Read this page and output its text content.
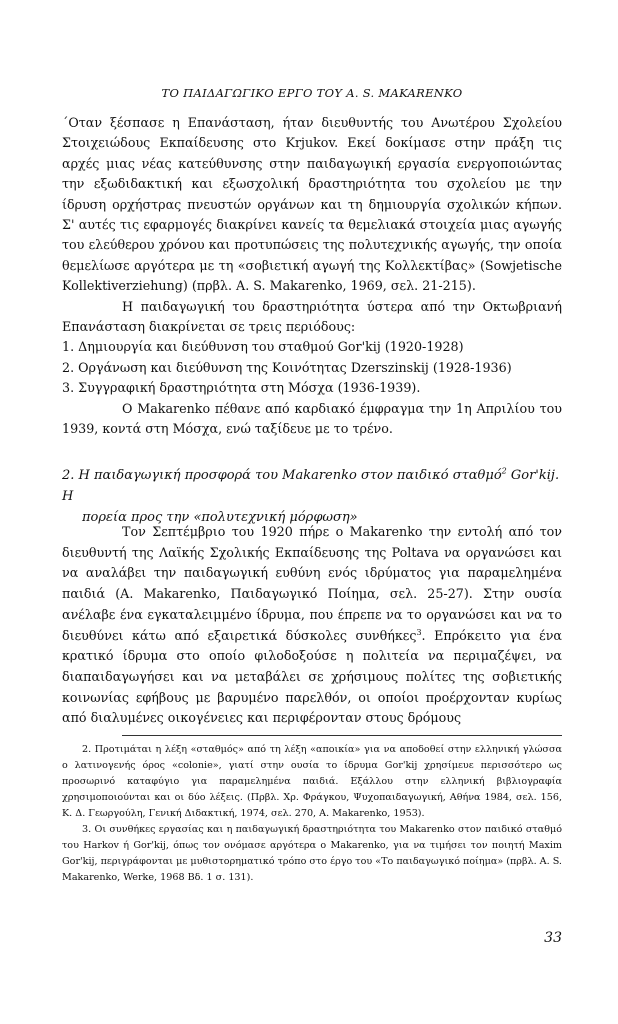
ΤΟ ΠΑΙΔΑΓΩΓΙΚΟ ΕΡΓΟ ΤΟΥ Α. S. MAKARENKO

΄Οταν ξέσπασε η Επανάσταση, ήταν διευθυντής του Ανωτέρου Σχολείου Στοιχειώδους Εκπαίδευσης στο Krjukov. Εκεί δοκίμασε στην πράξη τις αρχές μιας νέας κατεύθυνσης στην παιδαγωγική εργασία ενεργοποιώντας την εξωδιδακτική και εξωσχολική δραστηριότητα του σχολείου με την ίδρυση ορχήστρας πνευστών οργάνων και τη δημιουργία σχολικών κήπων. Σ' αυτές τις εφαρμογές διακρίνει κανείς τα θεμελιακά στοιχεία μιας αγωγής του ελεύθερου χρόνου και προτυπώσεις της πολυτεχνικής αγωγής, την οποία θεμελίωσε αργότερα με τη «σοβιετική αγωγή της Κολλεκτίβας» (Sowjetische Kollektiverziehung) (πρβλ. A. S. Makarenko, 1969, σελ. 21-215).

Η παιδαγωγική του δραστηριότητα ύστερα από την Οκτωβριανή Επανάσταση διακρίνεται σε τρεις περιόδους:

1. Δημιουργία και διεύθυνση του σταθμού Gor'kij (1920-1928)
2. Οργάνωση και διεύθυνση της Κοινότητας Dzerszinskij (1928-1936)
3. Συγγραφική δραστηριότητα στη Μόσχα (1936-1939).

Ο Makarenko πέθανε από καρδιακό έμφραγμα την 1η Απριλίου του 1939, κοντά στη Μόσχα, ενώ ταξίδευε με το τρένο.

2. Η παιδαγωγική προσφορά του Makarenko στον παιδικό σταθμό$^2$ Gor'kij. Η
πορεία προς την «πολυτεχνική μόρφωση»

Τον Σεπτέμβριο του 1920 πήρε ο Makarenko την εντολή από τον διευθυντή της Λαϊκής Σχολικής Εκπαίδευσης της Poltava να οργανώσει και να αναλάβει την παιδαγωγική ευθύνη ενός ιδρύματος για παραμελημένα παιδιά (A. Makarenko, Παιδαγωγικό Ποίημα, σελ. 25-27). Στην ουσία ανέλαβε ένα εγκαταλειμμένο ίδρυμα, που έπρεπε να το οργανώσει και να το διευθύνει κάτω από εξαιρετικά δύσκολες συνθήκες$^3$. Επρόκειτο για ένα κρατικό ίδρυμα στο οποίο φιλοδοξούσε η πολιτεία να περιμαζέψει, να διαπαιδαγωγήσει και να μεταβάλει σε χρήσιμους πολίτες της σοβιετικής κοινωνίας εφήβους με βαρυμένο παρελθόν, οι οποίοι προέρχονταν κυρίως από διαλυμένες οικογένειες και περιφέρονταν στους δρόμους

2. Προτιμάται η λέξη «σταθμός» από τη λέξη «αποικία» για να αποδοθεί στην ελληνική γλώσσα ο λατινογενής όρος «colonie», γιατί στην ουσία το ίδρυμα Gor'kij χρησίμευε περισσότερο ως προσωρινό καταφύγιο για παραμελημένα παιδιά. Εξάλλου στην ελληνική βιβλιογραφία χρησιμοποιούνται και οι δύο λέξεις. (Πρβλ. Χρ. Φράγκου, Ψυχοπαιδαγωγική, Αθήνα 1984, σελ. 156, Κ. Δ. Γεωργούλη, Γενική Διδακτική, 1974, σελ. 270, A. Makarenko, 1953).

3. Οι συνθήκες εργασίας και η παιδαγωγική δραστηριότητα του Makarenko στον παιδικό σταθμό του Harkov ή Gor'kij, όπως τον ονόμασε αργότερα ο Makarenko, για να τιμήσει τον ποιητή Maxim Gor'kij, περιγράφονται με μυθιστορηματικό τρόπο στο έργο του «Το παιδαγωγικό ποίημα» (πρβλ. A. S. Makarenko, Werke, 1968 Βδ. 1 σ. 131).

33
